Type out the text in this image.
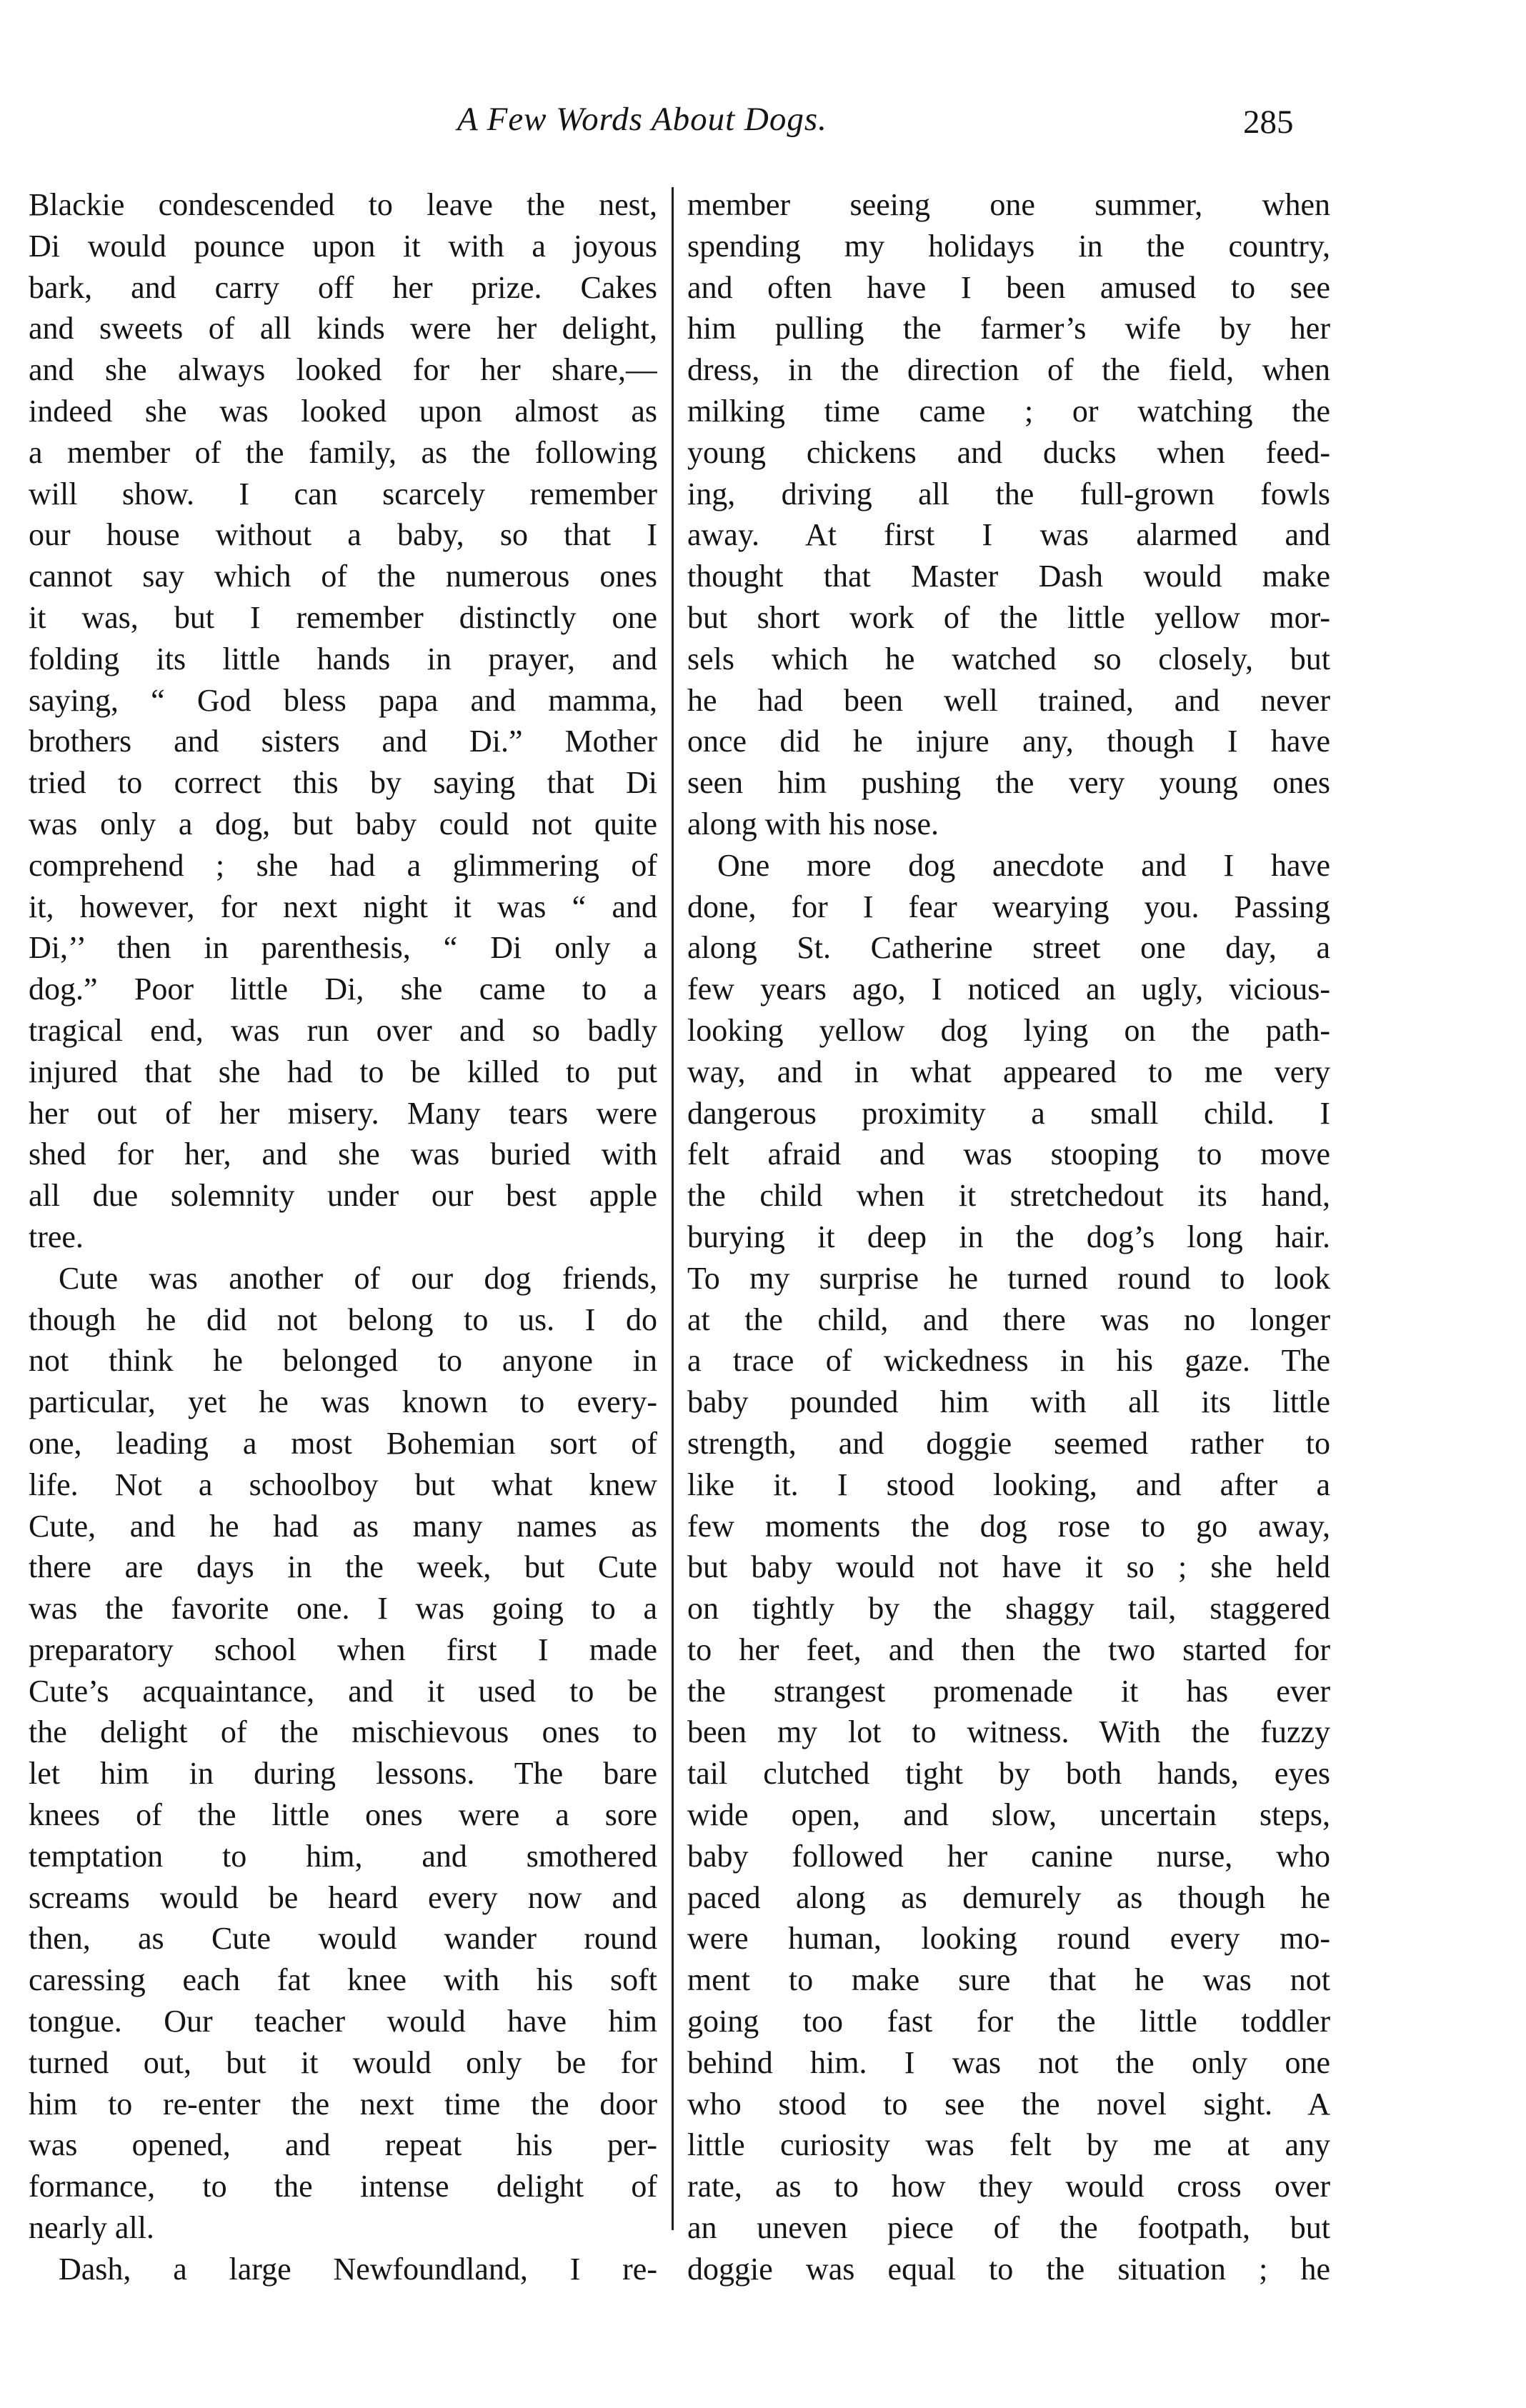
A Few Words About Dogs.	285
Blackie condescended to leave the nest,
Di would pounce upon it with a joyous
bark, and carry off her prize. Cakes
and sweets of all kinds were her delight,
and she always looked for her share,—
indeed she was looked upon almost as
a member of the family, as the following
will show. I can scarcely remember
our house without a baby, so that I
cannot say which of the numerous ones
it was, but I remember distinctly one
folding its little hands in prayer, and
saying, “ God bless papa and mamma,
brothers and sisters and Di.” Mother
tried to correct this by saying that Di
was only a dog, but baby could not quite
comprehend ; she had a glimmering of
it, however, for next night it was “ and
Di,’’ then in parenthesis, “ Di only a
dog.” Poor little Di, she came to a
tragical end, was run over and so badly
injured that she had to be killed to put
her out of her misery. Many tears were
shed for her, and she was buried with
all due solemnity under our best apple
tree.
Cute was another of our dog friends,
though he did not belong to us. I do
not think he belonged to anyone in
particular, yet he was known to every-
one, leading a most Bohemian sort of
life. Not a schoolboy but what knew
Cute, and he had as many names as
there are days in the week, but Cute
was the favorite one. I was going to a
preparatory school when first I made
Cute’s acquaintance, and it used to be
the delight of the mischievous ones to
let him in during lessons. The bare
knees of the little ones were a sore
temptation to him, and smothered
screams would be heard every now and
then, as Cute would wander round
caressing each fat knee with his soft
tongue. Our teacher would have him
turned out, but it would only be for
him to re-enter the next time the door
was opened, and repeat his per-
formance, to the intense delight of
nearly all.
Dash, a large Newfoundland, I re-
member seeing one summer, when
spending my holidays in the country,
and often have I been amused to see
him pulling the farmer’s wife by her
dress, in the direction of the field, when
milking time came ; or watching the
young chickens and ducks when feed-
ing, driving all the full-grown fowls
away. At first I was alarmed and
thought that Master Dash would make
but short work of the little yellow mor-
sels which he watched so closely, but
he had been well trained, and never
once did he injure any, though I have
seen him pushing the very young ones
along with his nose.
One more dog anecdote and I have
done, for I fear wearying you. Passing
along St. Catherine street one day, a
few years ago, I noticed an ugly, vicious-
looking yellow dog lying on the path-
way, and in what appeared to me very
dangerous proximity a small child. I
felt afraid and was stooping to move
the child when it stretchedout its hand,
burying it deep in the dog’s long hair.
To my surprise he turned round to look
at the child, and there was no longer
a trace of wickedness in his gaze. The
baby pounded him with all its little
strength, and doggie seemed rather to
like it. I stood looking, and after a
few moments the dog rose to go away,
but baby would not have it so ; she held
on tightly by the shaggy tail, staggered
to her feet, and then the two started for
the strangest promenade it has ever
been my lot to witness. With the fuzzy
tail clutched tight by both hands, eyes
wide open, and slow, uncertain steps,
baby followed her canine nurse, who
paced along as demurely as though he
were human, looking round every mo-
ment to make sure that he was not
going too fast for the little toddler
behind him. I was not the only one
who stood to see the novel sight. A
little curiosity was felt by me at any
rate, as to how they would cross over
an uneven piece of the footpath, but
doggie was equal to the situation ; he
